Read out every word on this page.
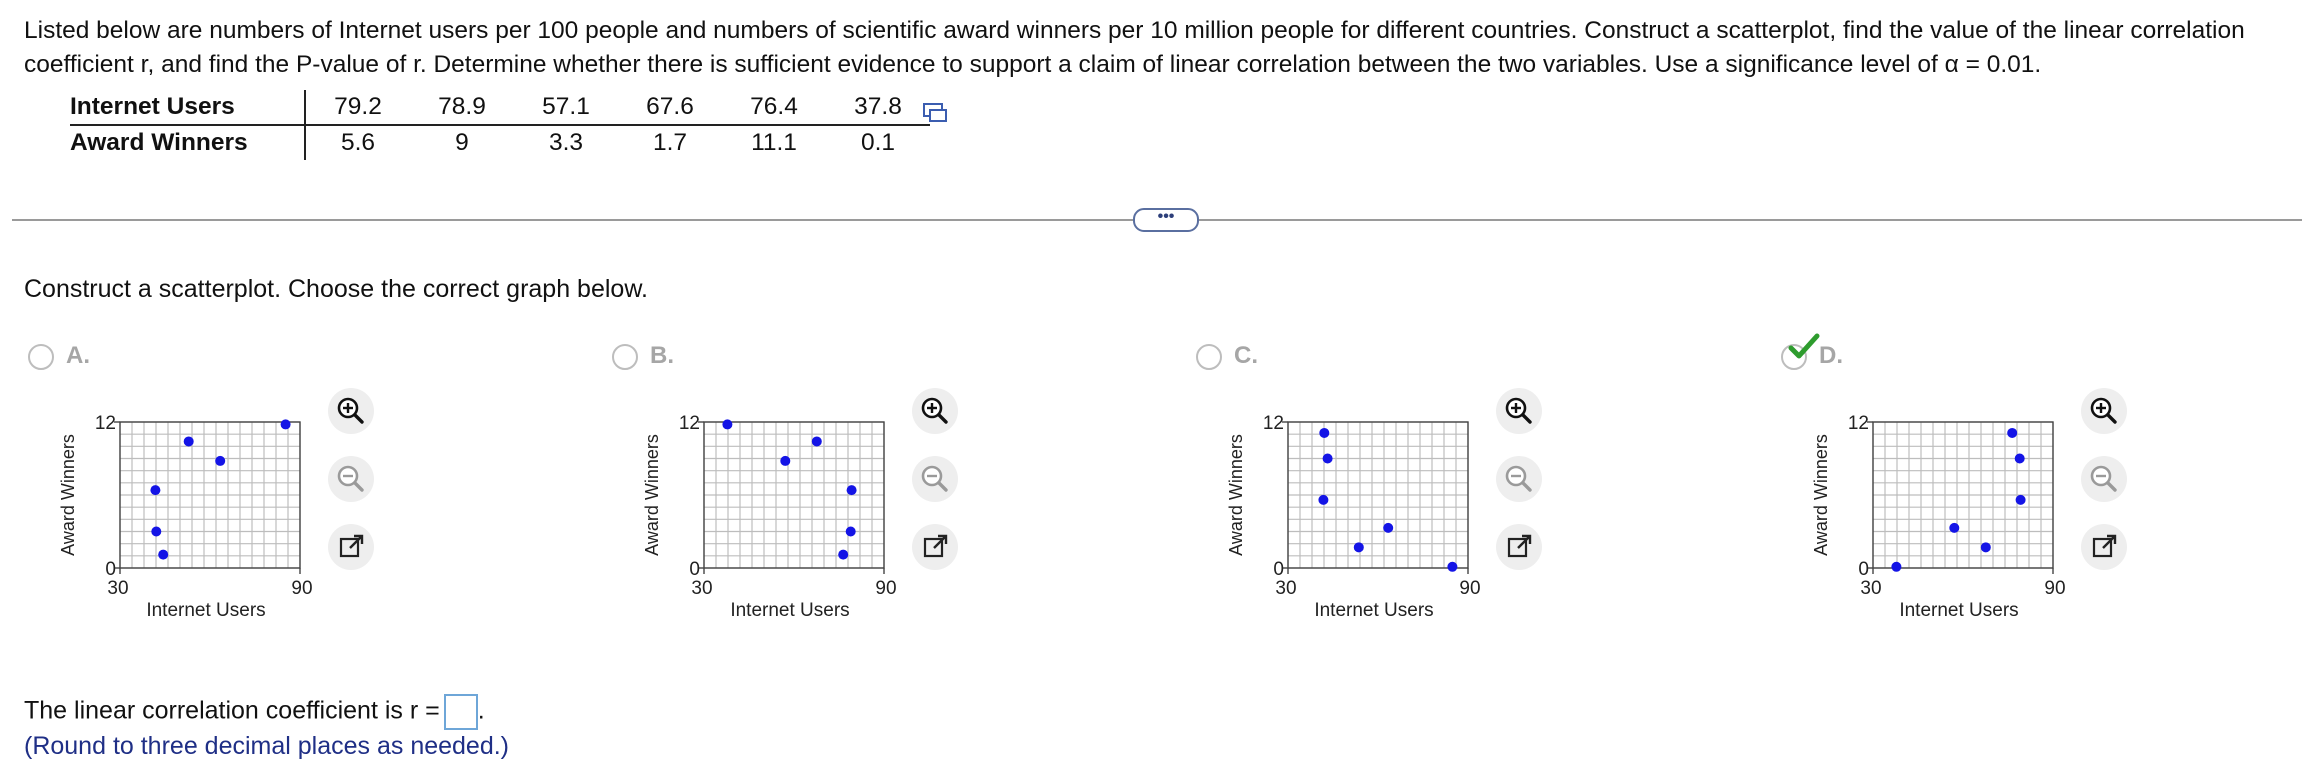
Listed below are numbers of Internet users per 100 people and numbers of scientific award winners per 10 million people for different countries. Construct a scatterplot, find the value of the linear correlation coefficient r, and find the P-value of r. Determine whether there is sufficient evidence to support a claim of linear correlation between the two variables. Use a significance level of α = 0.01.
Internet Users	79.2	78.9	57.1	67.6	76.4	37.8
Award Winners	5.6	9	3.3	1.7	11.1	0.1
•••
Construct a scatterplot. Choose the correct graph below.
A.
12
0
30	90
Internet Users
Award Winners
B.
12
0
30	90
Internet Users
Award Winners
C.
12
0
30	90
Internet Users
Award Winners
D.
12
0
30	90
Internet Users
Award Winners
The linear correlation coefficient is r = .
(Round to three decimal places as needed.)
